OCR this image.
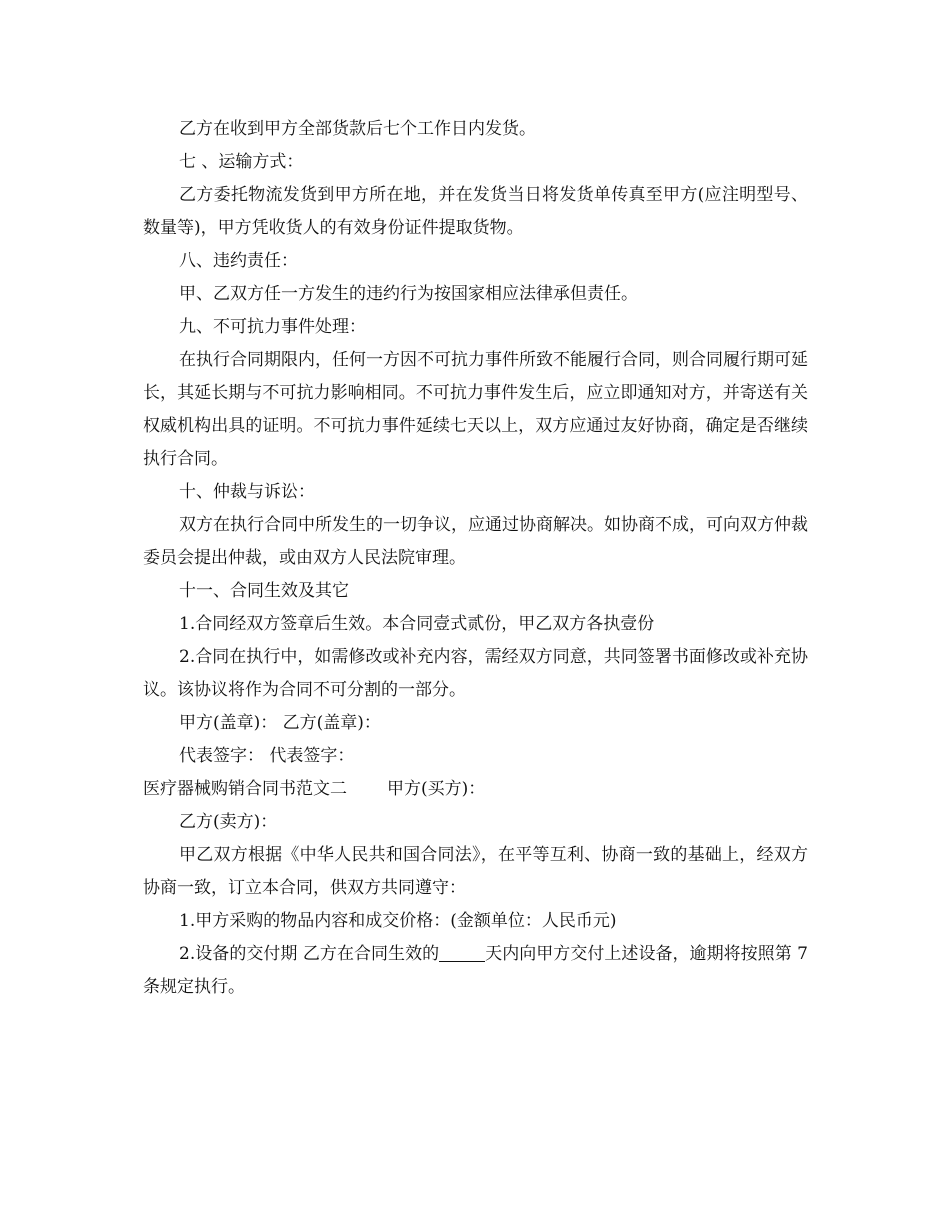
乙方在收到甲方全部货款后七个工作日内发货。

七 、运输方式：

乙方委托物流发货到甲方所在地，并在发货当日将发货单传真至甲方(应注明型号、数量等)，甲方凭收货人的有效身份证件提取货物。

八、违约责任：

甲、乙双方任一方发生的违约行为按国家相应法律承但责任。

九、不可抗力事件处理：

在执行合同期限内，任何一方因不可抗力事件所致不能履行合同，则合同履行期可延长，其延长期与不可抗力影响相同。不可抗力事件发生后，应立即通知对方，并寄送有关权威机构出具的证明。不可抗力事件延续七天以上，双方应通过友好协商，确定是否继续执行合同。

十、仲裁与诉讼：

双方在执行合同中所发生的一切争议，应通过协商解决。如协商不成，可向双方仲裁委员会提出仲裁，或由双方人民法院审理。

十一、合同生效及其它

1.合同经双方签章后生效。本合同壹式贰份，甲乙双方各执壹份

2.合同在执行中，如需修改或补充内容，需经双方同意，共同签署书面修改或补充协议。该协议将作为合同不可分割的一部分。

甲方(盖章)： 乙方(盖章)：

代表签字： 代表签字：

医疗器械购销合同书范文二 甲方(买方)：

乙方(卖方)：

甲乙双方根据《中华人民共和国合同法》，在平等互利、协商一致的基础上，经双方协商一致，订立本合同，供双方共同遵守：

1.甲方采购的物品内容和成交价格：(金额单位：人民币元)

2.设备的交付期 乙方在合同生效的	天内向甲方交付上述设备，逾期将按照第 7 条规定执行。
